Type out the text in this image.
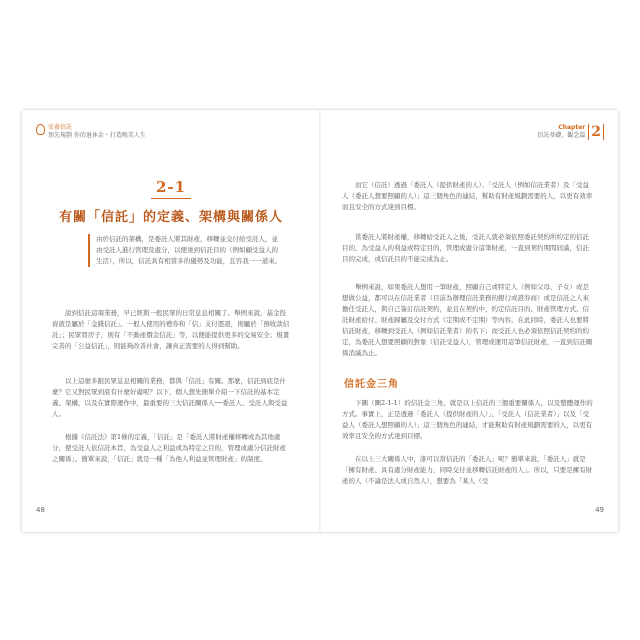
安養信託
預先規劃 你的退休金・打造晚美人生
2-1
有關「信託」的定義、架構與關係人
由於信託的架構，是委託人將其財產，移轉並交付給受託人，並由受託人進行管理及處分，以便達到信託目的（例如顧受益人的生活），所以，信託具有相當多的優勢及功能，且容我一一道來。

說到信託這項業務，早已經與一般民眾的日常息息相關了。舉例來說，基金投資就是屬於「金錢信託」。一般人使用的禮券和「信」支付憑證，則屬於「預收款信託」；民眾買房子，則有「不動產價金信託」等，以便能提供更多的交易安全；規畫完善的「公益信託」，則能夠改善社會，讓真正需要的人得到幫助。

以上這麼多跟民眾息息相關的業務，都與「信託」有關。那麼，信託到底是什麼？它又對民眾到底有什麼好處呢？以下，個人想先簡單介紹一下信託的基本定義、架構，以及在實際運作中，最重要的三大信託關係人──委託人、受託人與受益人。

根據《信託法》第1條的定義，「信託」是「委託人將財產權移轉或為其他處分，使受託人依信託本旨，為受益人之利益或為特定之目的，管理或處分信託財產之關係」。簡單來說，「信託」就是一種「為他人利益並管理財產」的制度。

48
Chapter
信託基礎，觀念篇 2

而它（信託）透過「委託人（提供財產的人）、「受託人（例如信託業者）及「受益人（委託人想要照顧的人）」這三個角色的連結，幫助有財產規劃需要的人，以更有效率而且安全的方式達到目標。

當委託人將財產權，移轉給受託人之後，受託人就必須依照委託契約所約定的信託目的，為受益人的利益或特定目的，管理或處分這筆財產，一直到契約期間屆滿，信託目的完成，或信託目的不能完成為止。

舉例來說，如果委託人想用一筆財產，照顧自己或特定人（例如父母、子女）或是想做公益，都可以在信託業者（目前為辦理信託業務的銀行或證券商）或是信託之人來擔任受託人，與自己簽訂信託契約，並且在契約中，約定信託目的、財產管理方式、信託財產給付、財產歸屬及交付方式（定期或不定期）等內容。在此同時，委託人也要將信託財產，移轉到受託人（例如信託業者）的名下；而受託人也必須依照信託契約的約定，為委託人想要照顧的對象（信託受益人），管理或運用這筆信託財產，一直到信託關係消滅為止。

信託金三角

下圖（圖2-1-1）的信託金三角，就是以上信託的三個重要關係人，以及整體運作的方式。事實上，正是透過「委託人（提供財產的人）」、「受託人（信託業者）」以及「受益人（委託人想照顧的人）」這三個角色的連結，才能幫助有財產規劃需要的人，以更有效率且安全的方式達到目標。

在以上三大關係人中，誰可以當信託的「委託人」呢？簡單來說，「委託人」就是「擁有財產、具有處分財產能力，同時交付並移轉信託財產的人」。所以，只要是擁有財產的人（不論是法人或自然人），想要為「某人（受

49
